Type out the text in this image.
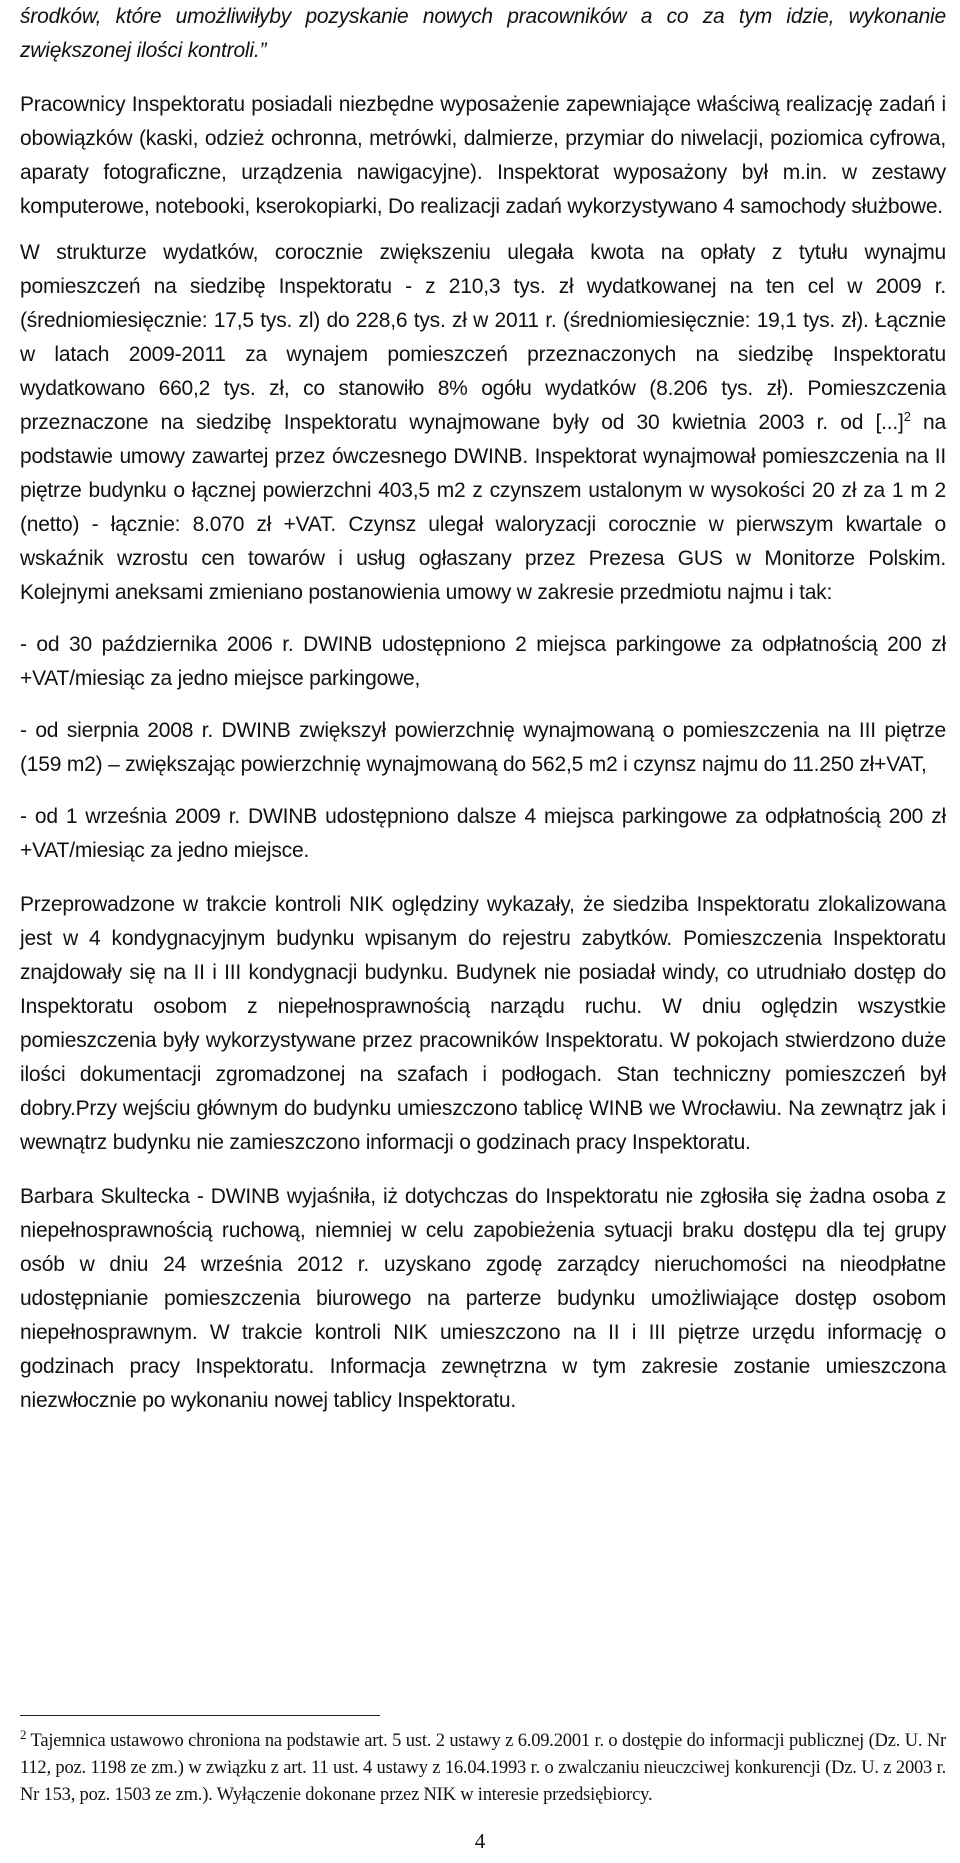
środków, które umożliwiłyby pozyskanie nowych pracowników a co za tym idzie, wykonanie zwiększonej ilości kontroli.”

Pracownicy Inspektoratu posiadali niezbędne wyposażenie zapewniające właściwą realizację zadań i obowiązków (kaski, odzież ochronna, metrówki, dalmierze, przymiar do niwelacji, poziomica cyfrowa, aparaty fotograficzne, urządzenia nawigacyjne). Inspektorat wyposażony był m.in. w zestawy komputerowe, notebooki, kserokopiarki, Do realizacji zadań wykorzystywano 4 samochody służbowe.

W strukturze wydatków, corocznie zwiększeniu ulegała kwota na opłaty z tytułu wynajmu pomieszczeń na siedzibę Inspektoratu - z 210,3 tys. zł wydatkowanej na ten cel w 2009 r. (średniomiesięcznie: 17,5 tys. zl) do 228,6 tys. zł w 2011 r. (średniomiesięcznie: 19,1 tys. zł). Łącznie w latach 2009-2011 za wynajem pomieszczeń przeznaczonych na siedzibę Inspektoratu wydatkowano 660,2 tys. zł, co stanowiło 8% ogółu wydatków (8.206 tys. zł). Pomieszczenia przeznaczone na siedzibę Inspektoratu wynajmowane były od 30 kwietnia 2003 r. od [...]$^2$ na podstawie umowy zawartej przez ówczesnego DWINB. Inspektorat wynajmował pomieszczenia na II piętrze budynku o łącznej powierzchni 403,5 m2 z czynszem ustalonym w wysokości 20 zł za 1 m 2 (netto) - łącznie: 8.070 zł +VAT. Czynsz ulegał waloryzacji corocznie w pierwszym kwartale o wskaźnik wzrostu cen towarów i usług ogłaszany przez Prezesa GUS w Monitorze Polskim. Kolejnymi aneksami zmieniano postanowienia umowy w zakresie przedmiotu najmu i tak:

- od 30 października 2006 r. DWINB udostępniono 2 miejsca parkingowe za odpłatnością 200 zł +VAT/miesiąc za jedno miejsce parkingowe,

- od sierpnia 2008 r. DWINB zwiększył powierzchnię wynajmowaną o pomieszczenia na III piętrze (159 m2) – zwiększając powierzchnię wynajmowaną do 562,5 m2 i czynsz najmu do 11.250 zł+VAT,

- od 1 września 2009 r. DWINB udostępniono dalsze 4 miejsca parkingowe za odpłatnością 200 zł +VAT/miesiąc za jedno miejsce.

Przeprowadzone w trakcie kontroli NIK oględziny wykazały, że siedziba Inspektoratu zlokalizowana jest w 4 kondygnacyjnym budynku wpisanym do rejestru zabytków. Pomieszczenia Inspektoratu znajdowały się na II i III kondygnacji budynku. Budynek nie posiadał windy, co utrudniało dostęp do Inspektoratu osobom z niepełnosprawnością narządu ruchu. W dniu oględzin wszystkie pomieszczenia były wykorzystywane przez pracowników Inspektoratu. W pokojach stwierdzono duże ilości dokumentacji zgromadzonej na szafach i podłogach. Stan techniczny pomieszczeń był dobry.Przy wejściu głównym do budynku umieszczono tablicę WINB we Wrocławiu. Na zewnątrz jak i wewnątrz budynku nie zamieszczono informacji o godzinach pracy Inspektoratu.

Barbara Skultecka - DWINB wyjaśniła, iż dotychczas do Inspektoratu nie zgłosiła się żadna osoba z niepełnosprawnością ruchową, niemniej w celu zapobieżenia sytuacji braku dostępu dla tej grupy osób w dniu 24 września 2012 r. uzyskano zgodę zarządcy nieruchomości na nieodpłatne udostępnianie pomieszczenia biurowego na parterze budynku umożliwiające dostęp osobom niepełnosprawnym. W trakcie kontroli NIK umieszczono na II i III piętrze urzędu informację o godzinach pracy Inspektoratu. Informacja zewnętrzna w tym zakresie zostanie umieszczona niezwłocznie po wykonaniu nowej tablicy Inspektoratu.

$^2$ Tajemnica ustawowo chroniona na podstawie art. 5 ust. 2 ustawy z 6.09.2001 r. o dostępie do informacji publicznej (Dz. U. Nr 112, poz. 1198 ze zm.) w związku z art. 11 ust. 4 ustawy z 16.04.1993 r. o zwalczaniu nieuczciwej konkurencji (Dz. U. z 2003 r. Nr 153, poz. 1503 ze zm.). Wyłączenie dokonane przez NIK w interesie przedsiębiorcy.

4
